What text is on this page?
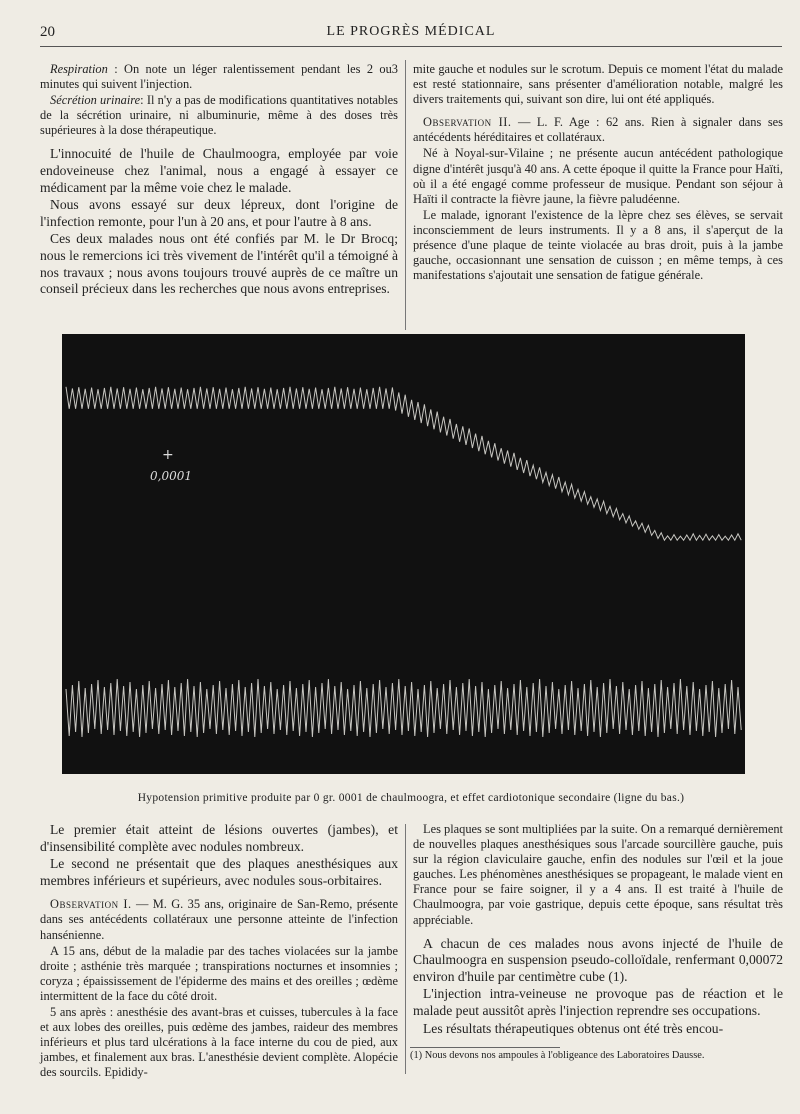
20	LE PROGRÈS MÉDICAL

Respiration : On note un léger ralentissement pendant les 2 ou3 minutes qui suivent l'injection.

Sécrétion urinaire: Il n'y a pas de modifications quantitatives notables de la sécrétion urinaire, ni albuminurie, même à des doses très supérieures à la dose thérapeutique.

L'innocuité de l'huile de Chaulmoogra, employée par voie endoveineuse chez l'animal, nous a engagé à essayer ce médicament par la même voie chez le malade.

Nous avons essayé sur deux lépreux, dont l'origine de l'infection remonte, pour l'un à 20 ans, et pour l'autre à 8 ans.

Ces deux malades nous ont été confiés par M. le Dr Brocq; nous le remercions ici très vivement de l'intérêt qu'il a témoigné à nos travaux ; nous avons toujours trouvé auprès de ce maître un conseil précieux dans les recherches que nous avons entreprises.

mite gauche et nodules sur le scrotum. Depuis ce moment l'état du malade est resté stationnaire, sans présenter d'amélioration notable, malgré les divers traitements qui, suivant son dire, lui ont été appliqués.

Observation II. — L. F. Age : 62 ans. Rien à signaler dans ses antécédents héréditaires et collatéraux.

Né à Noyal-sur-Vilaine ; ne présente aucun antécédent pathologique digne d'intérêt jusqu'à 40 ans. A cette époque il quitte la France pour Haïti, où il a été engagé comme professeur de musique. Pendant son séjour à Haïti il contracte la fièvre jaune, la fièvre paludéenne.

Le malade, ignorant l'existence de la lèpre chez ses élèves, se servait inconsciemment de leurs instruments. Il y a 8 ans, il s'aperçut de la présence d'une plaque de teinte violacée au bras droit, puis à la jambe gauche, occasionnant une sensation de cuisson ; en même temps, à ces manifestations s'ajoutait une sensation de fatigue générale.

+
0,0001
Hypotension primitive produite par 0 gr. 0001 de chaulmoogra, et effet cardiotonique secondaire (ligne du bas.)

Le premier était atteint de lésions ouvertes (jambes), et d'insensibilité complète avec nodules nombreux.

Le second ne présentait que des plaques anesthésiques aux membres inférieurs et supérieurs, avec nodules sous-orbitaires.

Observation I. — M. G. 35 ans, originaire de San-Remo, présente dans ses antécédents collatéraux une personne atteinte de l'infection hansénienne.

A 15 ans, début de la maladie par des taches violacées sur la jambe droite ; asthénie très marquée ; transpirations nocturnes et insomnies ; coryza ; épaississement de l'épiderme des mains et des oreilles ; œdème intermittent de la face du côté droit.

5 ans après : anesthésie des avant-bras et cuisses, tubercules à la face et aux lobes des oreilles, puis œdème des jambes, raideur des membres inférieurs et plus tard ulcérations à la face interne du cou de pied, aux jambes, et finalement aux bras. L'anesthésie devient complète. Alopécie des sourcils. Epididy-

Les plaques se sont multipliées par la suite. On a remarqué dernièrement de nouvelles plaques anesthésiques sous l'arcade sourcillère gauche, puis sur la région claviculaire gauche, enfin des nodules sur l'œil et la joue gauches. Les phénomènes anesthésiques se propageant, le malade vient en France pour se faire soigner, il y a 4 ans. Il est traité à l'huile de Chaulmoogra, par voie gastrique, depuis cette époque, sans résultat très appréciable.

A chacun de ces malades nous avons injecté de l'huile de Chaulmoogra en suspension pseudo-colloïdale, renfermant 0,00072 environ d'huile par centimètre cube (1).

L'injection intra-veineuse ne provoque pas de réaction et le malade peut aussitôt après l'injection reprendre ses occupations.

Les résultats thérapeutiques obtenus ont été très encou-

(1) Nous devons nos ampoules à l'obligeance des Laboratoires Dausse.
